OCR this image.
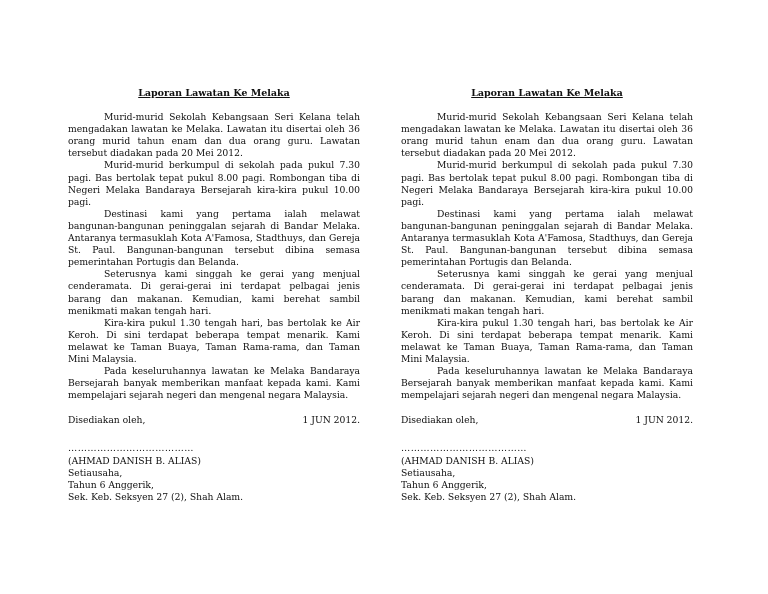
Laporan Lawatan Ke Melaka

Murid-murid Sekolah Kebangsaan Seri Kelana telah mengadakan lawatan ke Melaka. Lawatan itu disertai oleh 36 orang murid tahun enam dan dua orang guru. Lawatan tersebut diadakan pada 20 Mei 2012.

Murid-murid berkumpul di sekolah pada pukul 7.30 pagi. Bas bertolak tepat pukul 8.00 pagi. Rombongan tiba di Negeri Melaka Bandaraya Bersejarah kira-kira pukul 10.00 pagi.

Destinasi kami yang pertama ialah melawat bangunan-bangunan peninggalan sejarah di Bandar Melaka. Antaranya termasuklah Kota A'Famosa, Stadthuys, dan Gereja St. Paul. Bangunan-bangunan tersebut dibina semasa pemerintahan Portugis dan Belanda.

Seterusnya kami singgah ke gerai yang menjual cenderamata. Di gerai-gerai ini terdapat pelbagai jenis barang dan makanan. Kemudian, kami berehat sambil menikmati makan tengah hari.

Kira-kira pukul 1.30 tengah hari, bas bertolak ke Air Keroh. Di sini terdapat beberapa tempat menarik. Kami melawat ke Taman Buaya, Taman Rama-rama, dan Taman Mini Malaysia.

Pada keseluruhannya lawatan ke Melaka Bandaraya Bersejarah banyak memberikan manfaat kepada kami. Kami mempelajari sejarah negeri dan mengenal negara Malaysia.

Disediakan oleh,	1 JUN 2012.
…………………………………

(AHMAD DANISH B. ALIAS)

Setiausaha,

Tahun 6 Anggerik,

Sek. Keb. Seksyen 27 (2), Shah Alam.

Laporan Lawatan Ke Melaka

Murid-murid Sekolah Kebangsaan Seri Kelana telah mengadakan lawatan ke Melaka. Lawatan itu disertai oleh 36 orang murid tahun enam dan dua orang guru. Lawatan tersebut diadakan pada 20 Mei 2012.

Murid-murid berkumpul di sekolah pada pukul 7.30 pagi. Bas bertolak tepat pukul 8.00 pagi. Rombongan tiba di Negeri Melaka Bandaraya Bersejarah kira-kira pukul 10.00 pagi.

Destinasi kami yang pertama ialah melawat bangunan-bangunan peninggalan sejarah di Bandar Melaka. Antaranya termasuklah Kota A'Famosa, Stadthuys, dan Gereja St. Paul. Bangunan-bangunan tersebut dibina semasa pemerintahan Portugis dan Belanda.

Seterusnya kami singgah ke gerai yang menjual cenderamata. Di gerai-gerai ini terdapat pelbagai jenis barang dan makanan. Kemudian, kami berehat sambil menikmati makan tengah hari.

Kira-kira pukul 1.30 tengah hari, bas bertolak ke Air Keroh. Di sini terdapat beberapa tempat menarik. Kami melawat ke Taman Buaya, Taman Rama-rama, dan Taman Mini Malaysia.

Pada keseluruhannya lawatan ke Melaka Bandaraya Bersejarah banyak memberikan manfaat kepada kami. Kami mempelajari sejarah negeri dan mengenal negara Malaysia.

Disediakan oleh,	1 JUN 2012.
…………………………………

(AHMAD DANISH B. ALIAS)

Setiausaha,

Tahun 6 Anggerik,

Sek. Keb. Seksyen 27 (2), Shah Alam.
